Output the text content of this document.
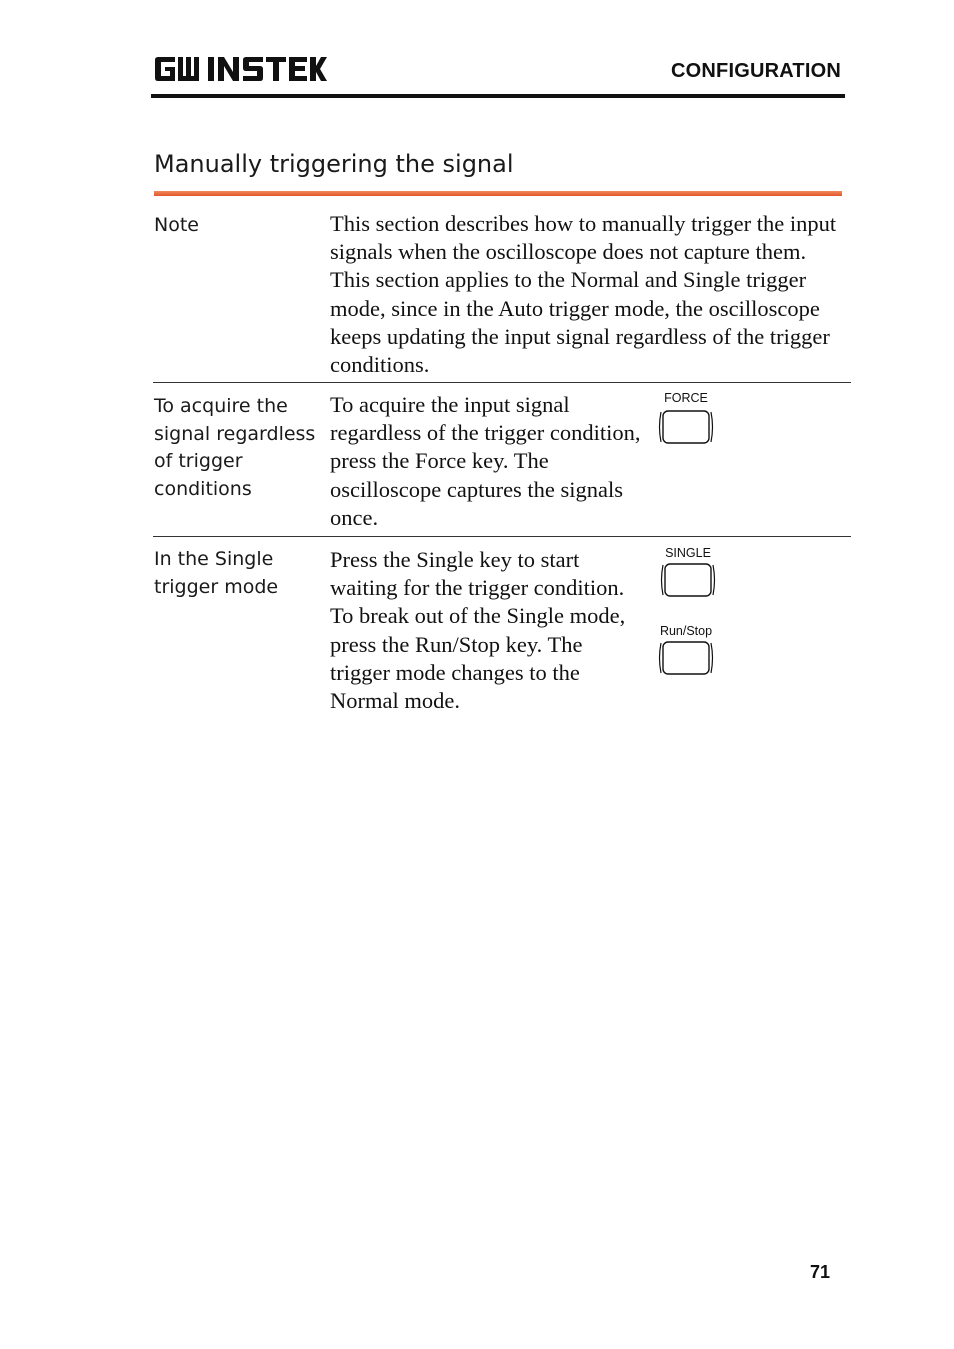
CONFIGURATION
Manually triggering the signal
Note	This section describes how to manually trigger the input signals when the oscilloscope does not capture them. This section applies to the Normal and Single trigger mode, since in the Auto trigger mode, the oscilloscope keeps updating the input signal regardless of the trigger conditions.
To acquire the signal regardless of trigger conditions
To acquire the input signal regardless of the trigger condition, press the Force key. The oscilloscope captures the signals once.
FORCE
In the Single trigger mode
Press the Single key to start waiting for the trigger condition. To break out of the Single mode, press the Run/Stop key. The trigger mode changes to the Normal mode.
SINGLE
Run/Stop
71
